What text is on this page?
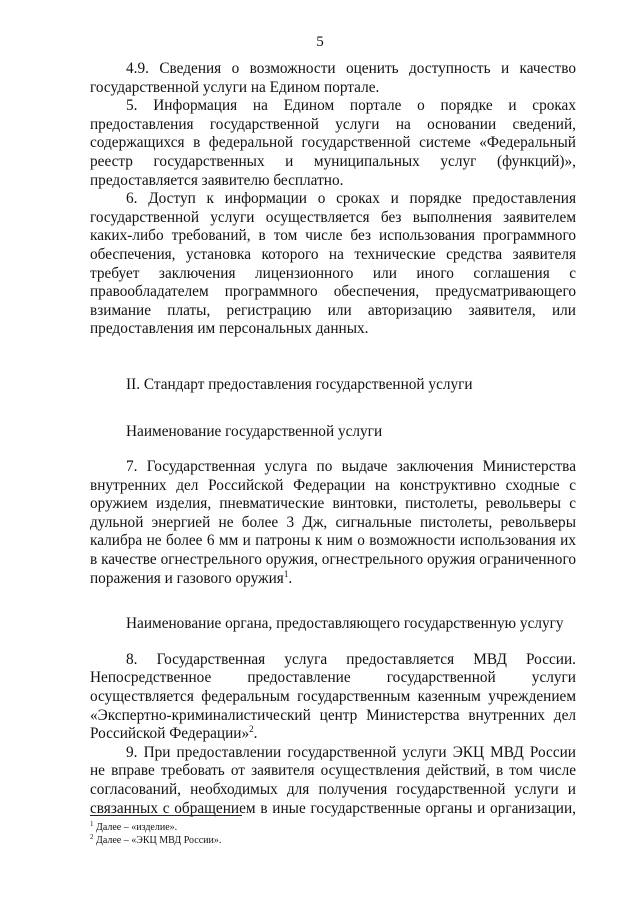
5

4.9. Сведения о возможности оценить доступность и качество государственной услуги на Едином портале.

5. Информация на Едином портале о порядке и сроках предоставления государственной услуги на основании сведений, содержащихся в федеральной государственной системе «Федеральный реестр государственных и муниципальных услуг (функций)», предоставляется заявителю бесплатно.

6. Доступ к информации о сроках и порядке предоставления государственной услуги осуществляется без выполнения заявителем каких-либо требований, в том числе без использования программного обеспечения, установка которого на технические средства заявителя требует заключения лицензионного или иного соглашения с правообладателем программного обеспечения, предусматривающего взимание платы, регистрацию или авторизацию заявителя, или предоставления им персональных данных.

II. Стандарт предоставления государственной услуги

Наименование государственной услуги

7. Государственная услуга по выдаче заключения Министерства внутренних дел Российской Федерации на конструктивно сходные с оружием изделия, пневматические винтовки, пистолеты, револьверы с дульной энергией не более 3 Дж, сигнальные пистолеты, револьверы калибра не более 6 мм и патроны к ним о возможности использования их в качестве огнестрельного оружия, огнестрельного оружия ограниченного поражения и газового оружия$^1$.

Наименование органа, предоставляющего государственную услугу

8. Государственная услуга предоставляется МВД России. Непосредственное предоставление государственной услуги осуществляется федеральным государственным казенным учреждением «Экспертно-криминалистический центр Министерства внутренних дел Российской Федерации»$^2$.

9. При предоставлении государственной услуги ЭКЦ МВД России не вправе требовать от заявителя осуществления действий, в том числе согласований, необходимых для получения государственной услуги и связанных с обращением в иные государственные органы и организации,

$^1$ Далее – «изделие».
$^2$ Далее – «ЭКЦ МВД России».
